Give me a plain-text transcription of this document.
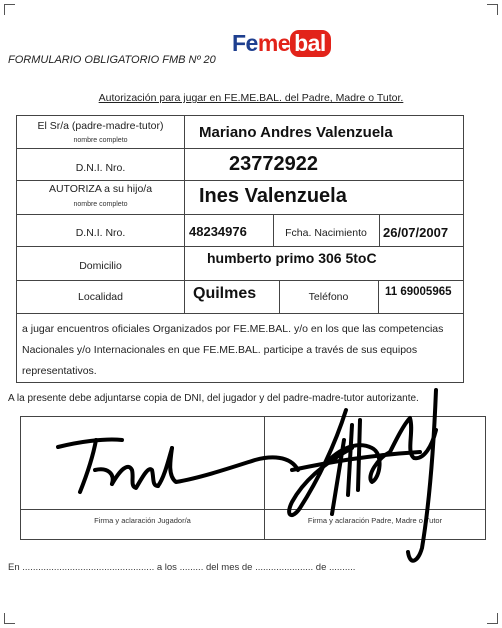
FORMULARIO OBLIGATORIO FMB Nº 20
Feme bal
Autorización para jugar en FE.ME.BAL. del Padre, Madre o Tutor.
El Sr/a (padre-madre-tutor)
nombre completo	Mariano Andres Valenzuela
D.N.I. Nro.	23772922
AUTORIZA a su hijo/a
nombre completo	Ines Valenzuela
D.N.I. Nro.	48234976	Fcha. Nacimiento	26/07/2007
Domicilio	humberto primo 306 5toC
Localidad	Quilmes	Teléfono	11 69005965
a jugar encuentros oficiales Organizados por FE.ME.BAL. y/o en los que las competencias Nacionales y/o Internacionales en que FE.ME.BAL. participe a través de sus equipos representativos.
A la presente debe adjuntarse copia de DNI, del jugador y del padre-madre-tutor autorizante.
Firma y aclaración Jugador/a	Firma y aclaración Padre, Madre o Tutor
En .................................................. a los ......... del mes de ...................... de ..........
